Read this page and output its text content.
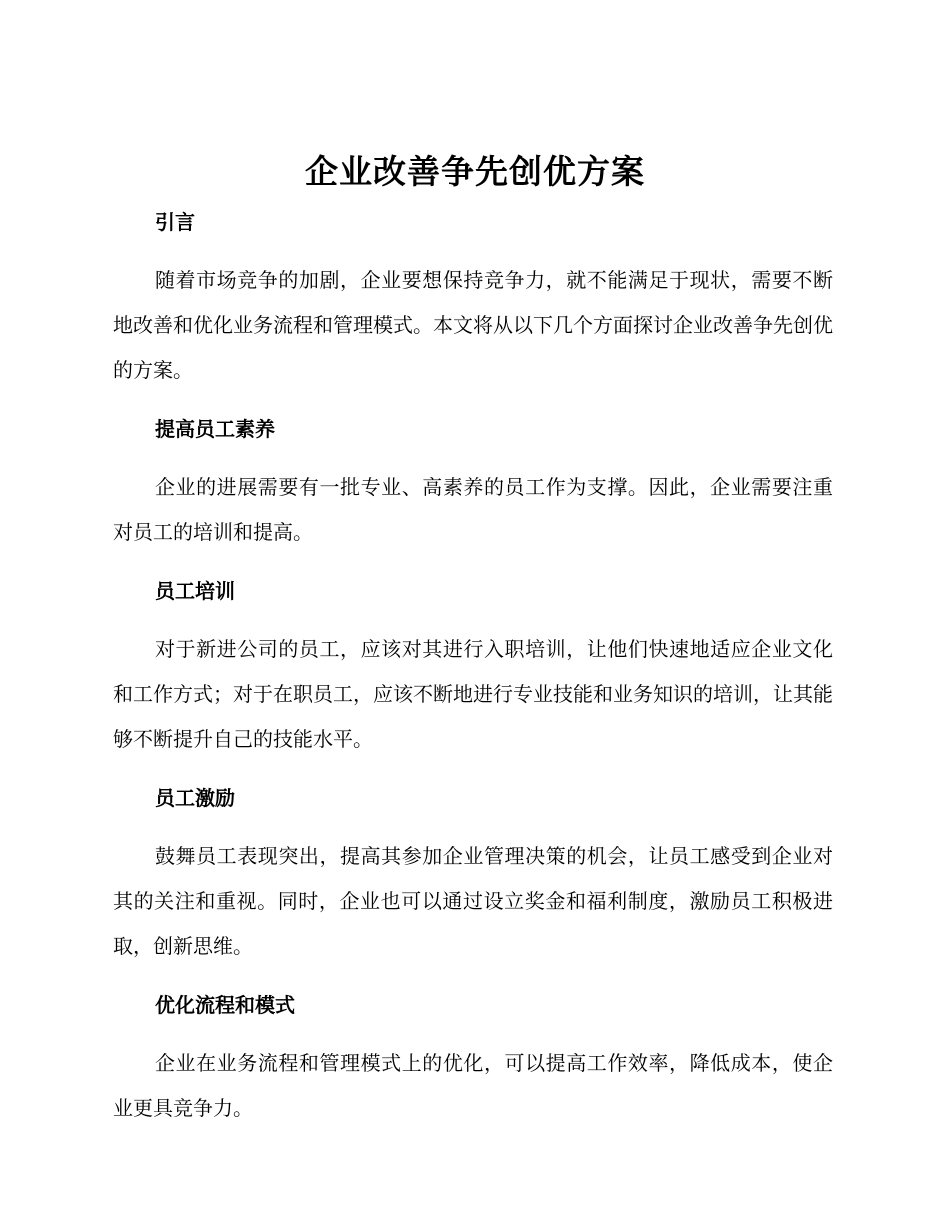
企业改善争先创优方案

引言

随着市场竞争的加剧，企业要想保持竞争力，就不能满足于现状，需要不断地改善和优化业务流程和管理模式。本文将从以下几个方面探讨企业改善争先创优的方案。

提高员工素养

企业的进展需要有一批专业、高素养的员工作为支撑。因此，企业需要注重对员工的培训和提高。

员工培训

对于新进公司的员工，应该对其进行入职培训，让他们快速地适应企业文化和工作方式；对于在职员工，应该不断地进行专业技能和业务知识的培训，让其能够不断提升自己的技能水平。

员工激励

鼓舞员工表现突出，提高其参加企业管理决策的机会，让员工感受到企业对其的关注和重视。同时，企业也可以通过设立奖金和福利制度，激励员工积极进取，创新思维。

优化流程和模式

企业在业务流程和管理模式上的优化，可以提高工作效率，降低成本，使企业更具竞争力。
